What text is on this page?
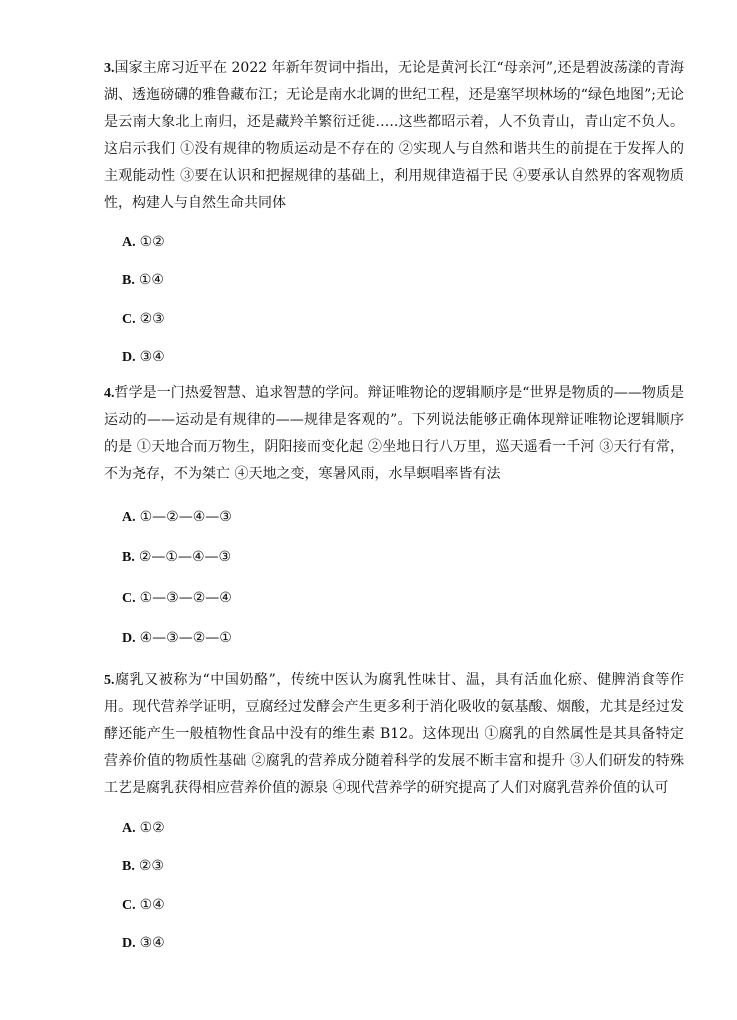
3.国家主席习近平在 2022 年新年贺词中指出，无论是黄河长江“母亲河”,还是碧波荡漾的青海湖、透迤磅礴的雅鲁藏布江；无论是南水北调的世纪工程，还是塞罕坝林场的“绿色地图”;无论是云南大象北上南归，还是藏羚羊繁衍迁徙…..这些都昭示着，人不负青山，青山定不负人。这启示我们 ①没有规律的物质运动是不存在的 ②实现人与自然和谐共生的前提在于发挥人的主观能动性 ③要在认识和把握规律的基础上，利用规律造福于民 ④要承认自然界的客观物质性，构建人与自然生命共同体

A. ①②
B. ①④
C. ②③
D. ③④

4.哲学是一门热爱智慧、追求智慧的学问。辩证唯物论的逻辑顺序是“世界是物质的——物质是运动的——运动是有规律的——规律是客观的”。下列说法能够正确体现辩证唯物论逻辑顺序的是 ①天地合而万物生，阴阳接而变化起 ②坐地日行八万里，巡天遥看一千河 ③天行有常，不为尧存，不为桀亡 ④天地之变，寒暑风雨，水旱螟唱率皆有法

A. ①—②—④—③
B. ②—①—④—③
C. ①—③—②—④
D. ④—③—②—①

5.腐乳又被称为“中国奶酪”，传统中医认为腐乳性味甘、温，具有活血化瘀、健脾消食等作用。现代营养学证明，豆腐经过发酵会产生更多利于消化吸收的氨基酸、烟酸，尤其是经过发酵还能产生一般植物性食品中没有的维生素 B12。这体现出 ①腐乳的自然属性是其具备特定营养价值的物质性基础 ②腐乳的营养成分随着科学的发展不断丰富和提升 ③人们研发的特殊工艺是腐乳获得相应营养价值的源泉 ④现代营养学的研究提高了人们对腐乳营养价值的认可

A. ①②
B. ②③
C. ①④
D. ③④
